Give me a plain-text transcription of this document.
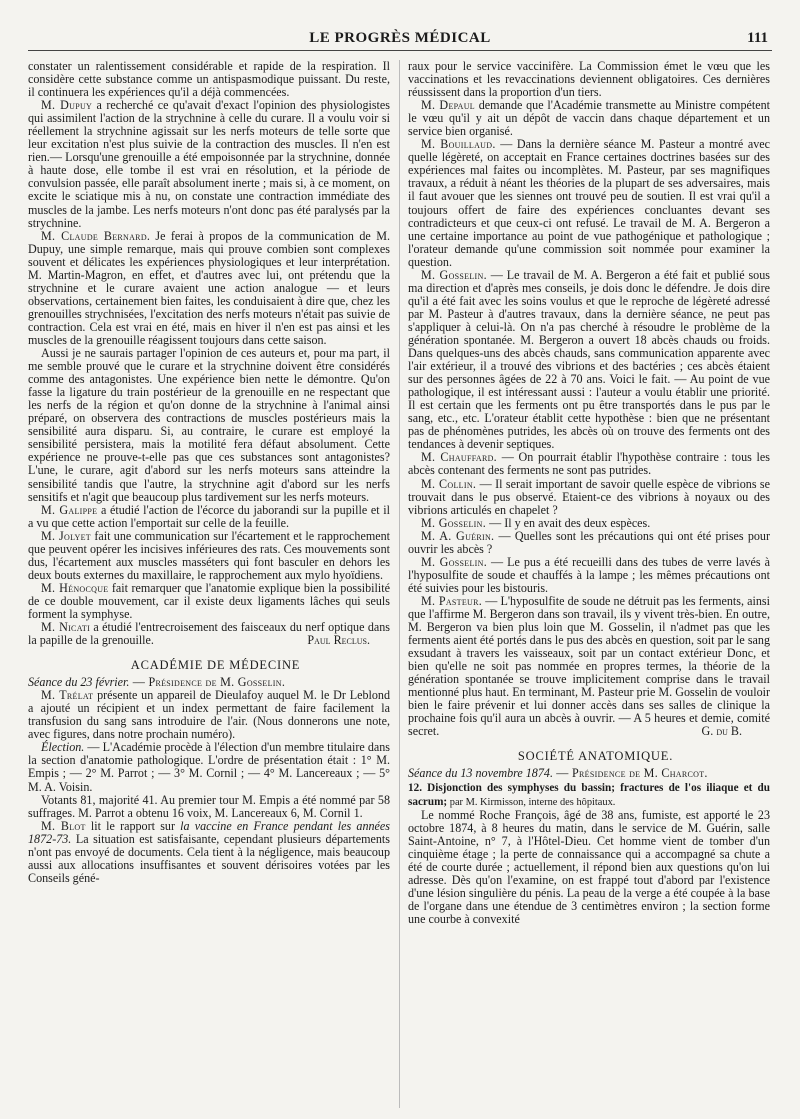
LE PROGRÈS MÉDICAL	111

constater un ralentissement considérable et rapide de la respiration. Il considère cette substance comme un antispasmodique puissant. Du reste, il continuera les expériences qu'il a déjà commencées.

M. Dupuy a recherché ce qu'avait d'exact l'opinion des physiologistes qui assimilent l'action de la strychnine à celle du curare. Il a voulu voir si réellement la strychnine agissait sur les nerfs moteurs de telle sorte que leur excitation n'est plus suivie de la contraction des muscles. Il n'en est rien.— Lorsqu'une grenouille a été empoisonnée par la strychnine, donnée à haute dose, elle tombe il est vrai en résolution, et la période de convulsion passée, elle paraît absolument inerte ; mais si, à ce moment, on excite le sciatique mis à nu, on constate une contraction immédiate des muscles de la jambe. Les nerfs moteurs n'ont donc pas été paralysés par la strychnine.

M. Claude Bernard. Je ferai à propos de la communication de M. Dupuy, une simple remarque, mais qui prouve combien sont complexes souvent et délicates les expériences physiologiques et leur interprétation. M. Martin-Magron, en effet, et d'autres avec lui, ont prétendu que la strychnine et le curare avaient une action analogue — et leurs observations, certainement bien faites, les conduisaient à dire que, chez les grenouilles strychnisées, l'excitation des nerfs moteurs n'était pas suivie de contraction. Cela est vrai en été, mais en hiver il n'en est pas ainsi et les muscles de la grenouille réagissent toujours dans cette saison.

Aussi je ne saurais partager l'opinion de ces auteurs et, pour ma part, il me semble prouvé que le curare et la strychnine doivent être considérés comme des antagonistes. Une expérience bien nette le démontre. Qu'on fasse la ligature du train postérieur de la grenouille en ne respectant que les nerfs de la région et qu'on donne de la strychnine à l'animal ainsi préparé, on observera des contractions de muscles postérieurs mais la sensibilité aura disparu. Si, au contraire, le curare est employé la sensibilité persistera, mais la motilité fera défaut absolument. Cette expérience ne prouve-t-elle pas que ces substances sont antagonistes? L'une, le curare, agit d'abord sur les nerfs moteurs sans atteindre la sensibilité tandis que l'autre, la strychnine agit d'abord sur les nerfs sensitifs et n'agit que beaucoup plus tardivement sur les nerfs moteurs.

M. Galippe a étudié l'action de l'écorce du jaborandi sur la pupille et il a vu que cette action l'emportait sur celle de la feuille.

M. Jolyet fait une communication sur l'écartement et le rapprochement que peuvent opérer les incisives inférieures des rats. Ces mouvements sont dus, l'écartement aux muscles masséters qui font basculer en dehors les deux bouts externes du maxillaire, le rapprochement aux mylo hyoïdiens.

M. Hénocque fait remarquer que l'anatomie explique bien la possibilité de ce double mouvement, car il existe deux ligaments lâches qui seuls forment la symphyse.

M. Nicati a étudié l'entrecroisement des faisceaux du nerf optique dans la papille de la grenouille.	Paul Reclus.

ACADÉMIE DE MÉDECINE

Séance du 23 février. — Présidence de M. Gosselin.

M. Trélat présente un appareil de Dieulafoy auquel M. le Dr Leblond a ajouté un récipient et un index permettant de faire facilement la transfusion du sang sans introduire de l'air. (Nous donnerons une note, avec figures, dans notre prochain numéro).

Élection. — L'Académie procède à l'élection d'un membre titulaire dans la section d'anatomie pathologique. L'ordre de présentation était : 1° M. Empis ; — 2° M. Parrot ; — 3° M. Cornil ; — 4° M. Lancereaux ; — 5° M. A. Voisin.

Votants 81, majorité 41. Au premier tour M. Empis a été nommé par 58 suffrages. M. Parrot a obtenu 16 voix, M. Lancereaux 6, M. Cornil 1.

M. Blot lit le rapport sur la vaccine en France pendant les années 1872-73. La situation est satisfaisante, cependant plusieurs départements n'ont pas envoyé de documents. Cela tient à la négligence, mais beaucoup aussi aux allocations insuffisantes et souvent dérisoires votées par les Conseils géné-

raux pour le service vaccinifère. La Commission émet le vœu que les vaccinations et les revaccinations deviennent obligatoires. Ces dernières réussissent dans la proportion d'un tiers.

M. Depaul demande que l'Académie transmette au Ministre compétent le vœu qu'il y ait un dépôt de vaccin dans chaque département et un service bien organisé.

M. Bouillaud. — Dans la dernière séance M. Pasteur a montré avec quelle légèreté, on acceptait en France certaines doctrines basées sur des expériences mal faites ou incomplètes. M. Pasteur, par ses magnifiques travaux, a réduit à néant les théories de la plupart de ses adversaires, mais il faut avouer que les siennes ont trouvé peu de soutien. Il est vrai qu'il a toujours offert de faire des expériences concluantes devant ses contradicteurs et que ceux-ci ont refusé. Le travail de M. A. Bergeron a une certaine importance au point de vue pathogénique et pathologique ; l'orateur demande qu'une commission soit nommée pour examiner la question.

M. Gosselin. — Le travail de M. A. Bergeron a été fait et publié sous ma direction et d'après mes conseils, je dois donc le défendre. Je dois dire qu'il a été fait avec les soins voulus et que le reproche de légèreté adressé par M. Pasteur à d'autres travaux, dans la dernière séance, ne peut pas s'appliquer à celui-là. On n'a pas cherché à résoudre le problème de la génération spontanée. M. Bergeron a ouvert 18 abcès chauds ou froids. Dans quelques-uns des abcès chauds, sans communication apparente avec l'air extérieur, il a trouvé des vibrions et des bactéries ; ces abcès étaient sur des personnes âgées de 22 à 70 ans. Voici le fait. — Au point de vue pathologique, il est intéressant aussi : l'auteur a voulu établir une priorité. Il est certain que les ferments ont pu être transportés dans le pus par le sang, etc., etc. L'orateur établit cette hypothèse : bien que ne présentant pas de phénomènes putrides, les abcès où on trouve des ferments ont des tendances à devenir septiques.

M. Chauffard. — On pourrait établir l'hypothèse contraire : tous les abcès contenant des ferments ne sont pas putrides.

M. Collin. — Il serait important de savoir quelle espèce de vibrions se trouvait dans le pus observé. Etaient-ce des vibrions à noyaux ou des vibrions articulés en chapelet ?

M. Gosselin. — Il y en avait des deux espèces.

M. A. Guérin. — Quelles sont les précautions qui ont été prises pour ouvrir les abcès ?

M. Gosselin. — Le pus a été recueilli dans des tubes de verre lavés à l'hyposulfite de soude et chauffés à la lampe ; les mêmes précautions ont été suivies pour les bistouris.

M. Pasteur. — L'hyposulfite de soude ne détruit pas les ferments, ainsi que l'affirme M. Bergeron dans son travail, ils y vivent très-bien. En outre, M. Bergeron va bien plus loin que M. Gosselin, il n'admet pas que les ferments aient été portés dans le pus des abcès en question, soit par le sang exsudant à travers les vaisseaux, soit par un contact extérieur Donc, et bien qu'elle ne soit pas nommée en propres termes, la théorie de la génération spontanée se trouve implicitement comprise dans le travail mentionné plus haut. En terminant, M. Pasteur prie M. Gosselin de vouloir bien le faire prévenir et lui donner accès dans ses salles de clinique la prochaine fois qu'il aura un abcès à ouvrir. — A 5 heures et demie, comité secret.	G. du B.

SOCIÉTÉ ANATOMIQUE.

Séance du 13 novembre 1874. — Présidence de M. Charcot.

12. Disjonction des symphyses du bassin; fractures de l'os iliaque et du sacrum; par M. Kirmisson, interne des hôpitaux.

Le nommé Roche François, âgé de 38 ans, fumiste, est apporté le 23 octobre 1874, à 8 heures du matin, dans le service de M. Guérin, salle Saint-Antoine, n° 7, à l'Hôtel-Dieu. Cet homme vient de tomber d'un cinquième étage ; la perte de connaissance qui a accompagné sa chute a été de courte durée ; actuellement, il répond bien aux questions qu'on lui adresse. Dès qu'on l'examine, on est frappé tout d'abord par l'existence d'une lésion singulière du pénis. La peau de la verge a été coupée à la base de l'organe dans une étendue de 3 centimètres environ ; la section forme une courbe à convexité
